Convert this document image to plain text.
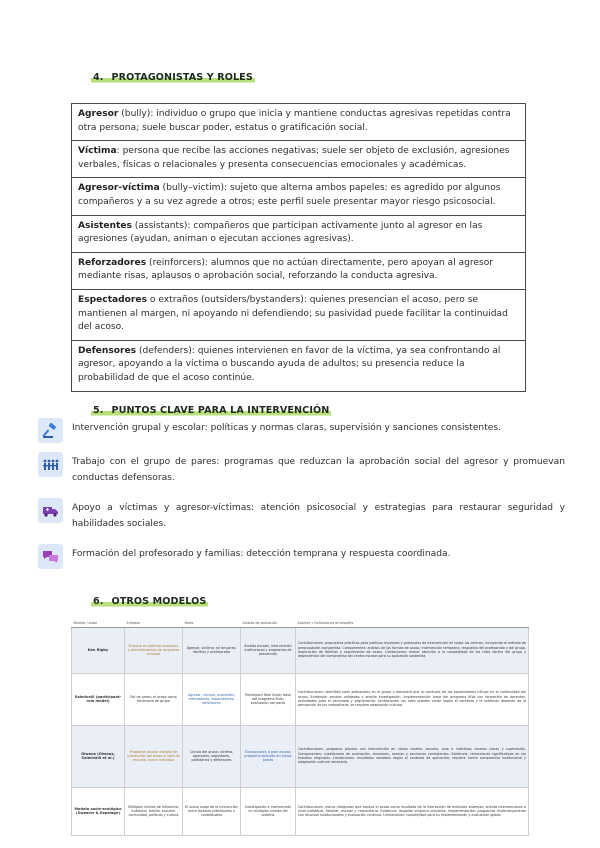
4. PROTAGONISTAS Y ROLES
Agresor (bully): individuo o grupo que inicia y mantiene conductas agresivas repetidas contra otra persona; suele buscar poder, estatus o gratificación social.
Víctima: persona que recibe las acciones negativas; suele ser objeto de exclusión, agresiones verbales, físicas o relacionales y presenta consecuencias emocionales y académicas.
Agresor-víctima (bully–victim): sujeto que alterna ambos papeles: es agredido por algunos compañeros y a su vez agrede a otros; este perfil suele presentar mayor riesgo psicosocial.
Asistentes (assistants): compañeros que participan activamente junto al agresor en las agresiones (ayudan, animan o ejecutan acciones agresivas).
Reforzadores (reinforcers): alumnos que no actúan directamente, pero apoyan al agresor mediante risas, aplausos o aprobación social, reforzando la conducta agresiva.
Espectadores o extraños (outsiders/bystanders): quienes presencian el acoso, pero se mantienen al margen, ni apoyando ni defendiendo; su pasividad puede facilitar la continuidad del acoso.
Defensores (defenders): quienes intervienen en favor de la víctima, ya sea confrontando al agresor, apoyando a la víctima o buscando ayuda de adultos; su presencia reduce la probabilidad de que el acoso continúe.
5. PUNTOS CLAVE PARA LA INTERVENCIÓN
Intervención grupal y escolar: políticas y normas claras, supervisión y sanciones consistentes.
Trabajo con el grupo de pares: programas que reduzcan la aprobación social del agresor y promuevan conductas defensoras.
Apoyo a víctimas y agresor-víctimas: atención psicosocial y estrategias para restaurar seguridad y habilidades sociales.
Formación del profesorado y familias: detección temprana y respuesta coordinada.
6. OTROS MODELOS
Modelo / autor	Enfoque	Roles	Ámbito de aplicación	Aportes y limitaciones principales
Ken Rigby	Enfoque en políticas escolares y procedimientos de respuesta al acoso	Agresor, víctima; rol de pares, familias y profesorado	Ámbito escolar, intervención institucional y programas de prevención	Contribuciones: propuestas prácticas para políticas escolares y protocolos de intervención en todos los centros, incluyendo el método de preocupación compartida. Componentes: análisis de las formas de acoso, intervención temprana, respuesta del profesorado y del grupo, implicación de familias y seguimiento de casos. Limitaciones: menor atención a la complejidad de los roles dentro del grupo y dependencia del compromiso del centro escolar para su aplicación sostenida.
Salmivalli (participant-role model)	Rol de pares; el acoso como fenómeno de grupo	Agresor, víctima, asistentes, reforzadores, espectadores, defensores	Participant Role Scale; base del programa KiVa; evaluación por pares	Contribuciones: identificó roles adicionales en el grupo y demostró que la conducta de los espectadores influye en la continuidad del acoso. Evidencia: escalas validadas y amplia investigación. Implementación: base del programa KiVa con formación de docentes, actividades para el alumnado y seguimiento. Limitaciones: los roles pueden variar según el contexto y la medición depende de la percepción de los compañeros; se requiere adaptación cultural.
Olweus (Olweus, Salmivalli et al.)	Programa escolar integral de prevención del acoso a nivel de escuela, aula e individuo	Círculo del acoso: víctima, agresores, seguidores, partidarios y defensores	Evaluaciones a gran escala; programa aplicado en varios países	Contribuciones: programa pionero con intervención en varios niveles: escuela, aula e individuo; normas claras y supervisión. Componentes: cuestionario de evaluación, reuniones, normas y sanciones consistentes. Evidencia: reducciones significativas en los estudios originales. Limitaciones: resultados variables según el contexto de aplicación; requiere fuerte compromiso institucional y adaptación cultural necesaria.
Modelo socio-ecológico (Swearer & Espelage)	Múltiples niveles de influencia: individuo, familia, escuela, comunidad, políticas y cultura	El acoso surge de la interacción entre factores individuales y contextuales	Investigación e intervención en múltiples niveles del sistema	Contribuciones: marco integrador que explica el acoso como resultado de la interacción de múltiples sistemas; orienta intervenciones a nivel individual, familiar, escolar y comunitario. Evidencia: respaldo empírico creciente. Implementación: programas multicomponente con recursos institucionales y evaluación continua. Limitaciones: complejidad para su implementación y evaluación global.
